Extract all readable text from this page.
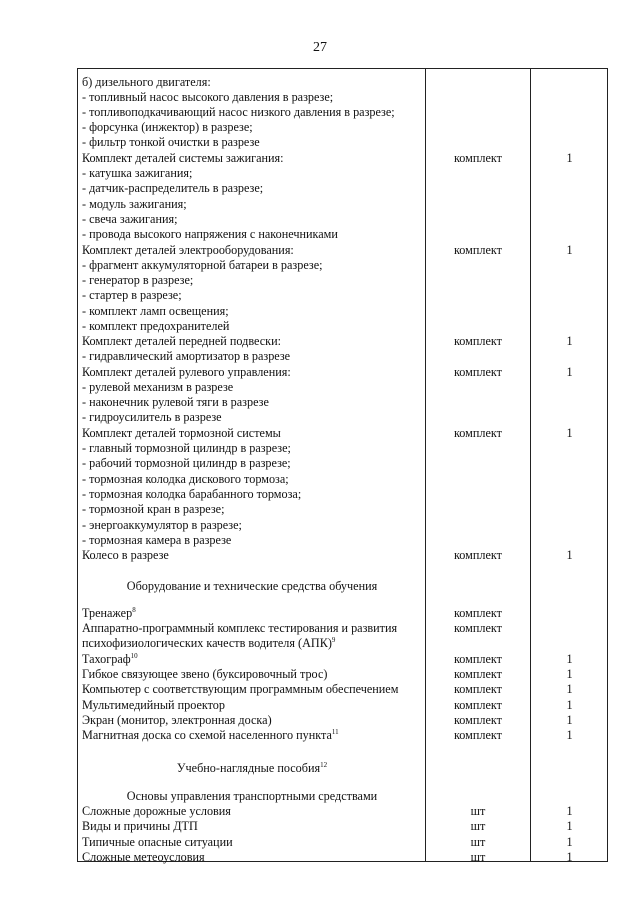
27
б) дизельного двигателя:
- топливный насос высокого давления в разрезе;
- топливоподкачивающий насос низкого давления в разрезе;
- форсунка (инжектор) в разрезе;
- фильтр тонкой очистки в разрезе
Комплект деталей системы зажигания:	комплект	1
- катушка зажигания;
- датчик-распределитель в разрезе;
- модуль зажигания;
- свеча зажигания;
- провода высокого напряжения с наконечниками
Комплект деталей электрооборудования:	комплект	1
- фрагмент аккумуляторной батареи в разрезе;
- генератор в разрезе;
- стартер в разрезе;
- комплект ламп освещения;
- комплект предохранителей
Комплект деталей передней подвески:	комплект	1
- гидравлический амортизатор в разрезе
Комплект деталей рулевого управления:	комплект	1
- рулевой механизм в разрезе
- наконечник рулевой тяги в разрезе
- гидроусилитель в разрезе
Комплект деталей тормозной системы	комплект	1
- главный тормозной цилиндр в разрезе;
- рабочий тормозной цилиндр в разрезе;
- тормозная колодка дискового тормоза;
- тормозная колодка барабанного тормоза;
- тормозной кран в разрезе;
- энергоаккумулятор в разрезе;
- тормозная камера в разрезе
Колесо в разрезе	комплект	1
Оборудование и технические средства обучения
Тренажер$^8$	комплект
Аппаратно-программный комплекс тестирования и развития	комплект
психофизиологических качеств водителя (АПК)$^9$
Тахограф$^{10}$	комплект	1
Гибкое связующее звено (буксировочный трос)	комплект	1
Компьютер с соответствующим программным обеспечением	комплект	1
Мультимедийный проектор	комплект	1
Экран (монитор, электронная доска)	комплект	1
Магнитная доска со схемой населенного пункта$^{11}$	комплект	1
Учебно-наглядные пособия$^{12}$
Основы управления транспортными средствами
Сложные дорожные условия	шт	1
Виды и причины ДТП	шт	1
Типичные опасные ситуации	шт	1
Сложные метеоусловия	шт	1
